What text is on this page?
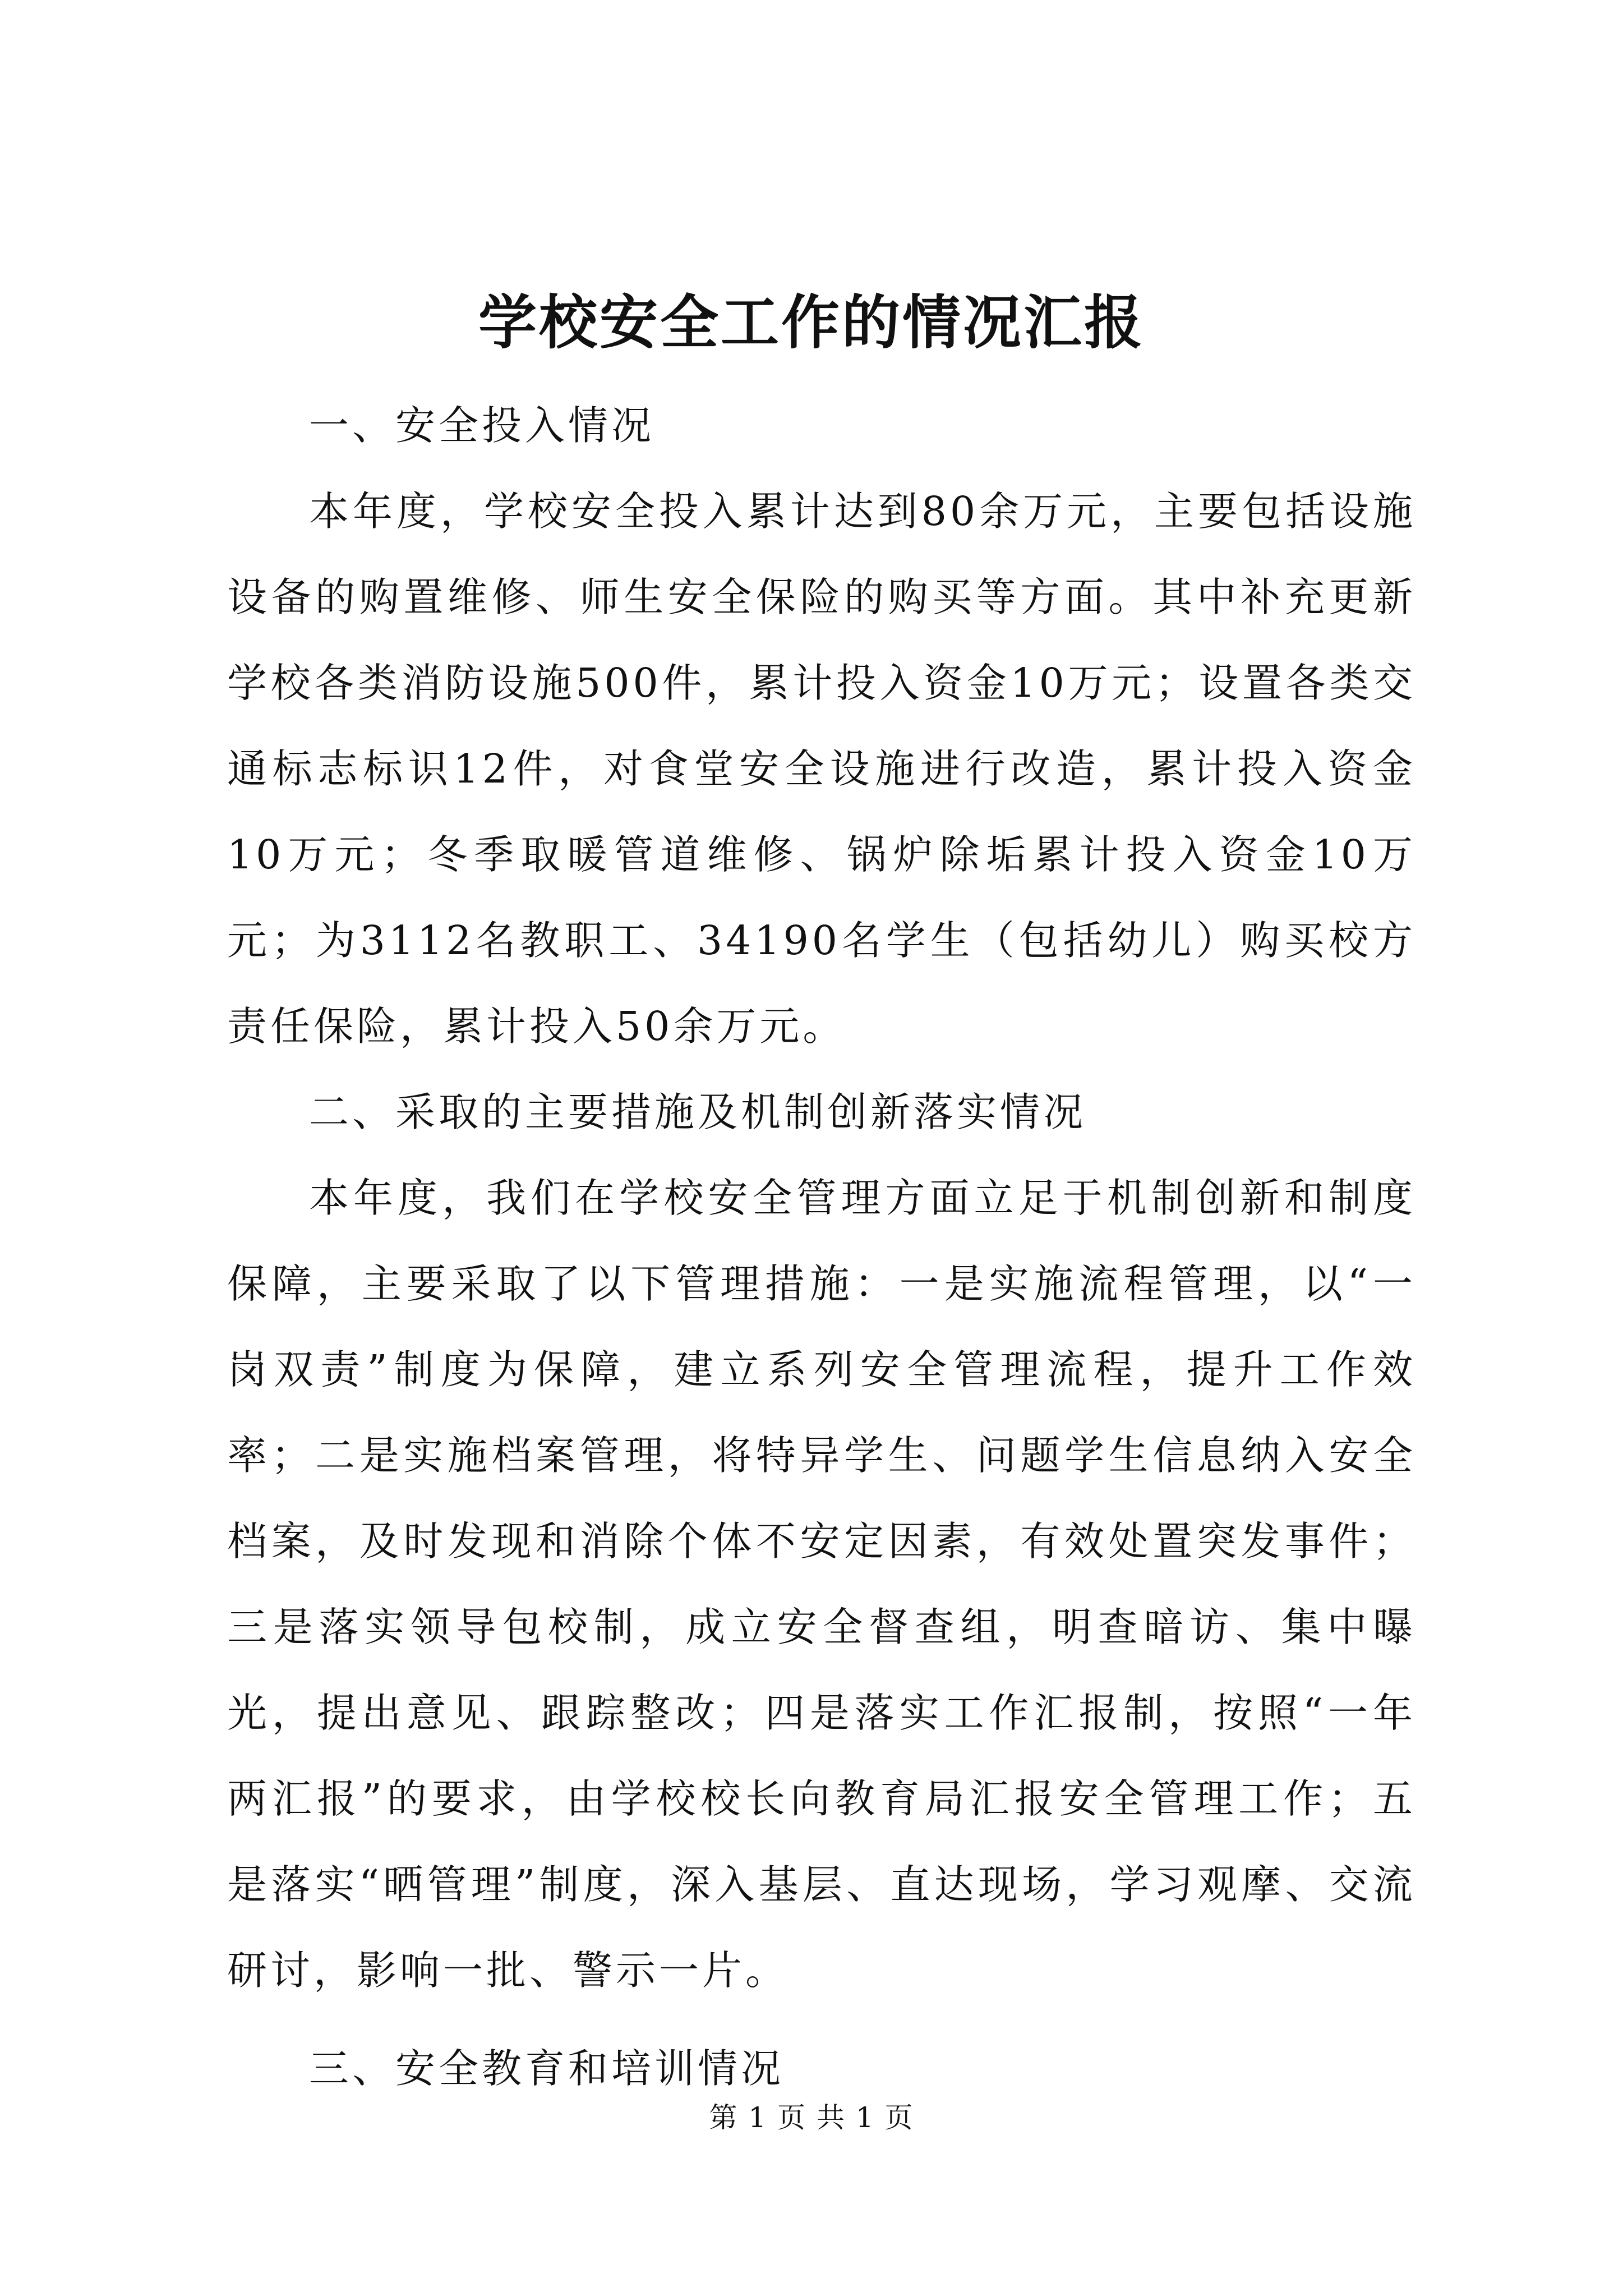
学校安全工作的情况汇报

一、安全投入情况

本年度，学校安全投入累计达到80余万元，主要包括设施设备的购置维修、师生安全保险的购买等方面。其中补充更新学校各类消防设施500件，累计投入资金10万元；设置各类交通标志标识12件，对食堂安全设施进行改造，累计投入资金10万元；冬季取暖管道维修、锅炉除垢累计投入资金10万元；为3112名教职工、34190名学生（包括幼儿）购买校方责任保险，累计投入50余万元。

二、采取的主要措施及机制创新落实情况

本年度，我们在学校安全管理方面立足于机制创新和制度保障，主要采取了以下管理措施：一是实施流程管理，以“一岗双责”制度为保障，建立系列安全管理流程，提升工作效率；二是实施档案管理，将特异学生、问题学生信息纳入安全档案，及时发现和消除个体不安定因素，有效处置突发事件；三是落实领导包校制，成立安全督查组，明查暗访、集中曝光，提出意见、跟踪整改；四是落实工作汇报制，按照“一年两汇报”的要求，由学校校长向教育局汇报安全管理工作；五是落实“晒管理”制度，深入基层、直达现场，学习观摩、交流研讨，影响一批、警示一片。

三、安全教育和培训情况

第 1 页 共 1 页
